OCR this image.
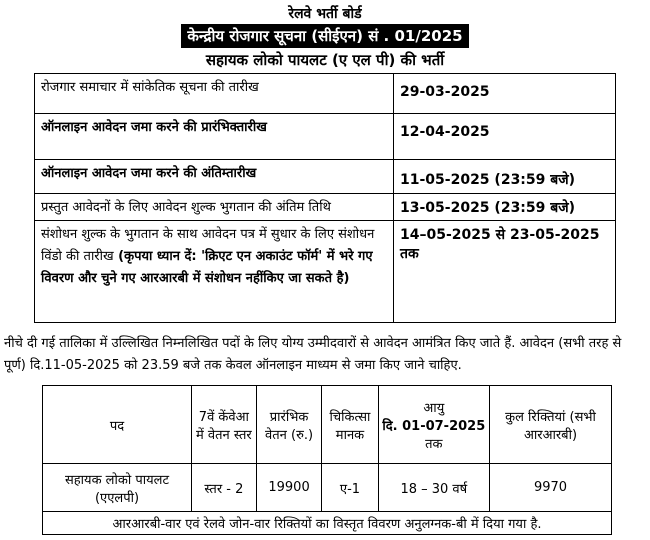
रेलवे भर्ती बोर्ड
केन्द्रीय रोजगार सूचना (सीईएन) सं . 01/2025
सहायक लोको पायलट (ए एल पी) की भर्ती
रोजगार समाचार में सांकेतिक सूचना की तारीख	29-03-2025
ऑनलाइन आवेदन जमा करने की प्रारंभिक्तारीख	12-04-2025
ऑनलाइन आवेदन जमा करने की अंतिम्तारीख	11-05-2025 (23:59 बजे)
प्रस्तुत आवेदनों के लिए आवेदन शुल्क भुगतान की अंतिम तिथि	13-05-2025 (23:59 बजे)
संशोधन शुल्क के भुगतान के साथ आवेदन पत्र में सुधार के लिए संशोधन विंडो की तारीख (कृपया ध्यान दें: 'क्रिएट एन अकाउंट फॉर्म' में भरे गए विवरण और चुने गए आरआरबी में संशोधन नहींकिए जा सकते है)	14–05-2025 से 23-05-2025 तक
नीचे दी गई तालिका में उल्लिखित निम्नलिखित पदों के लिए योग्य उम्मीदवारों से आवेदन आमंत्रित किए जाते हैं. आवेदन (सभी तरह से पूर्ण) दि.11-05-2025 को 23.59 बजे तक केवल ऑनलाइन माध्यम से जमा किए जाने चाहिए.
पद	7वें केंवेआ में वेतन स्तर	प्रारंभिक वेतन (रु.)	चिकित्सा मानक	आयु
दि. 01-07-2025
तक	कुल रिक्तियां (सभी आरआरबी)
सहायक लोको पायलट (एएलपी)	स्तर - 2	19900	ए-1	18 – 30 वर्ष	9970
आरआरबी-वार एवं रेलवे जोन-वार रिक्तियों का विस्तृत विवरण अनुलग्नक-बी में दिया गया है.					
